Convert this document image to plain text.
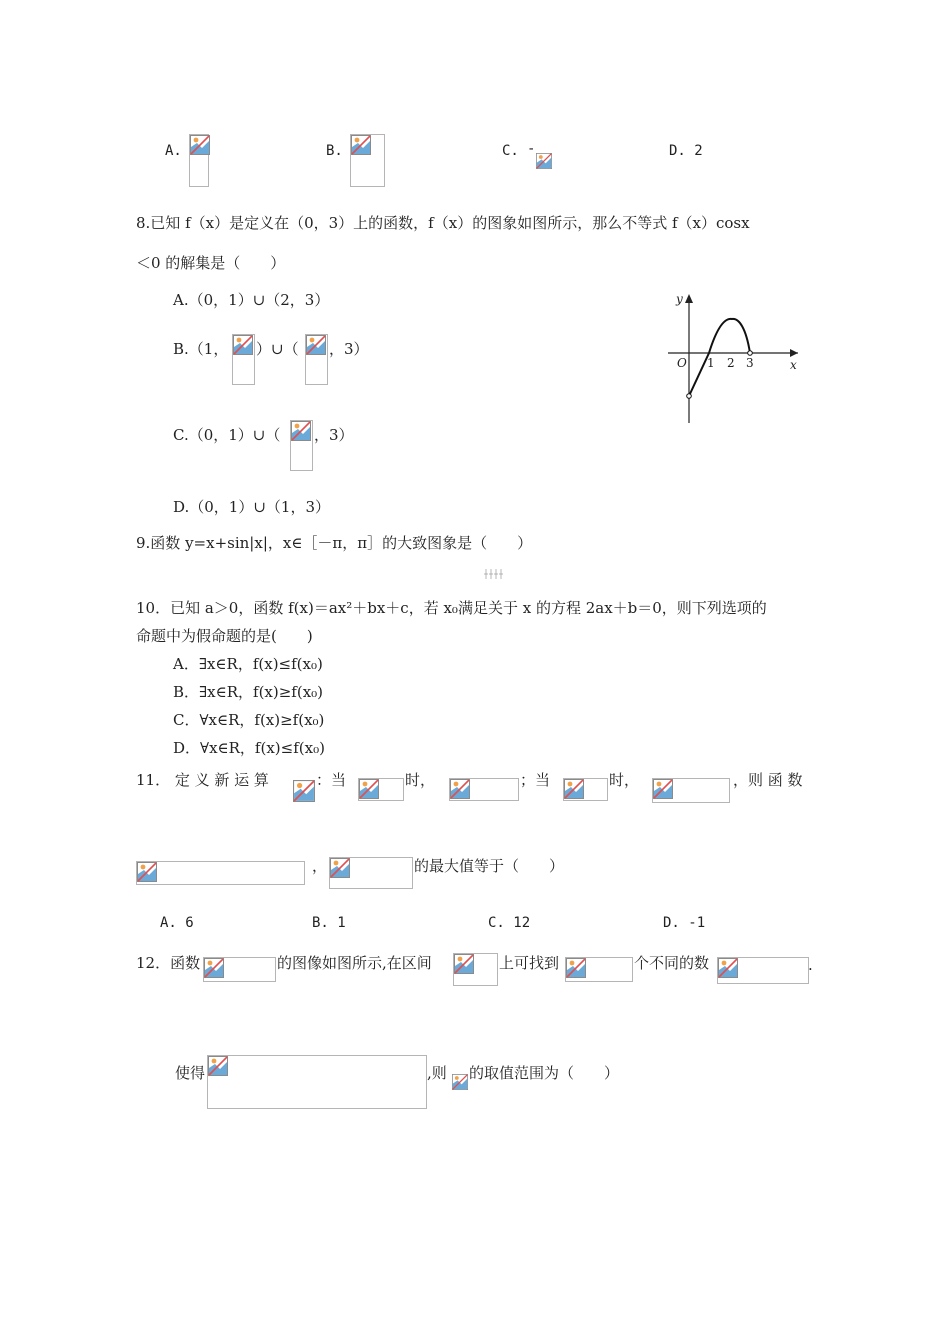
A.	B.	C. -	D. 2
8.已知 f（x）是定义在（0，3）上的函数，f（x）的图象如图所示，那么不等式 f（x）cosx
＜0 的解集是（　　）
A.（0，1）∪（2，3）
B.（1， ）∪（ ，3）
C.（0，1）∪（ ，3）
D.（0，1）∪（1，3）
y
x
O 1 2 3
9.函数 y=x+sin|x|，x∈［－π，π］的大致图象是（　　）
10．已知 a＞0，函数 f(x)＝ax²＋bx＋c，若 x₀满足关于 x 的方程 2ax＋b＝0，则下列选项的
命题中为假命题的是(　　)
A．∃x∈R，f(x)≤f(x₀)
B．∃x∈R，f(x)≥f(x₀)
C．∀x∈R，f(x)≥f(x₀)
D．∀x∈R，f(x)≤f(x₀)
11． 定 义 新 运 算	：当	时，	；当	时，	，则 函 数
，	的最大值等于（　　）
A. 6	B. 1	C. 12	D. -1
12．函数	的图像如图所示,在区间	上可找到	个不同的数	.
使得	,则 的取值范围为（　　）
